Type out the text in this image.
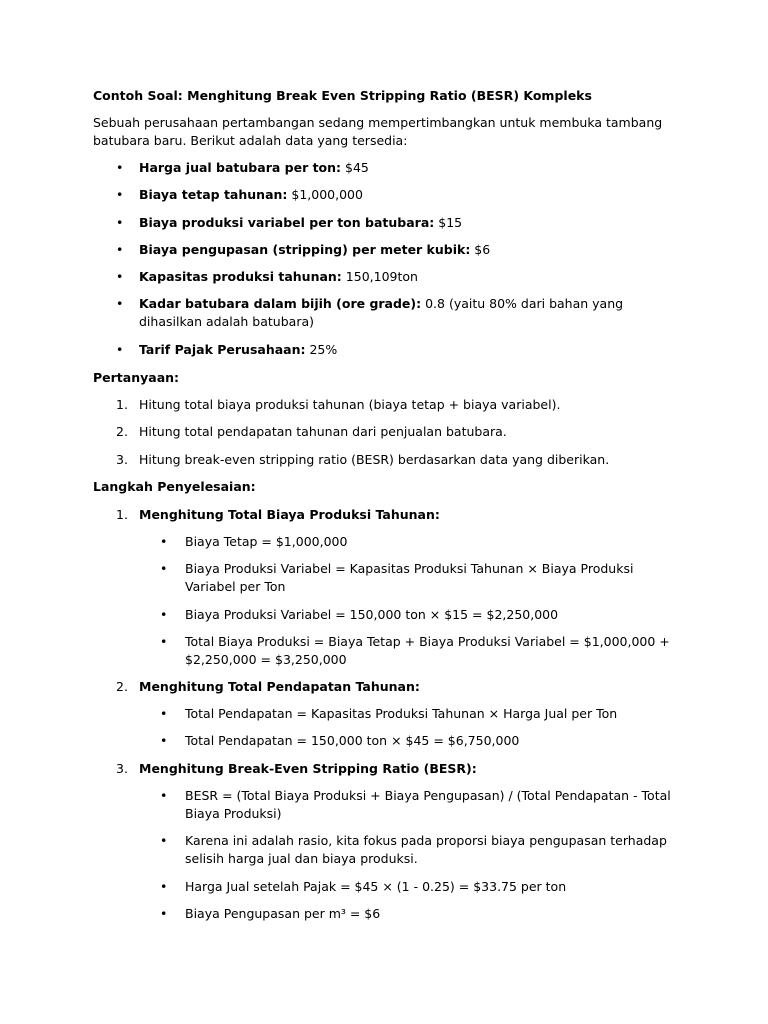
Contoh Soal: Menghitung Break Even Stripping Ratio (BESR) Kompleks
Sebuah perusahaan pertambangan sedang mempertimbangkan untuk membuka tambang batubara baru. Berikut adalah data yang tersedia:
• Harga jual batubara per ton: $45
• Biaya tetap tahunan: $1,000,000
• Biaya produksi variabel per ton batubara: $15
• Biaya pengupasan (stripping) per meter kubik: $6
• Kapasitas produksi tahunan: 150,109ton
• Kadar batubara dalam bijih (ore grade): 0.8 (yaitu 80% dari bahan yang dihasilkan adalah batubara)
• Tarif Pajak Perusahaan: 25%
Pertanyaan:
1. Hitung total biaya produksi tahunan (biaya tetap + biaya variabel).
2. Hitung total pendapatan tahunan dari penjualan batubara.
3. Hitung break-even stripping ratio (BESR) berdasarkan data yang diberikan.
Langkah Penyelesaian:
1. Menghitung Total Biaya Produksi Tahunan:
• Biaya Tetap = $1,000,000
• Biaya Produksi Variabel = Kapasitas Produksi Tahunan × Biaya Produksi Variabel per Ton
• Biaya Produksi Variabel = 150,000 ton × $15 = $2,250,000
• Total Biaya Produksi = Biaya Tetap + Biaya Produksi Variabel = $1,000,000 + $2,250,000 = $3,250,000
2. Menghitung Total Pendapatan Tahunan:
• Total Pendapatan = Kapasitas Produksi Tahunan × Harga Jual per Ton
• Total Pendapatan = 150,000 ton × $45 = $6,750,000
3. Menghitung Break-Even Stripping Ratio (BESR):
• BESR = (Total Biaya Produksi + Biaya Pengupasan) / (Total Pendapatan - Total Biaya Produksi)
• Karena ini adalah rasio, kita fokus pada proporsi biaya pengupasan terhadap selisih harga jual dan biaya produksi.
• Harga Jual setelah Pajak = $45 × (1 - 0.25) = $33.75 per ton
• Biaya Pengupasan per m³ = $6
